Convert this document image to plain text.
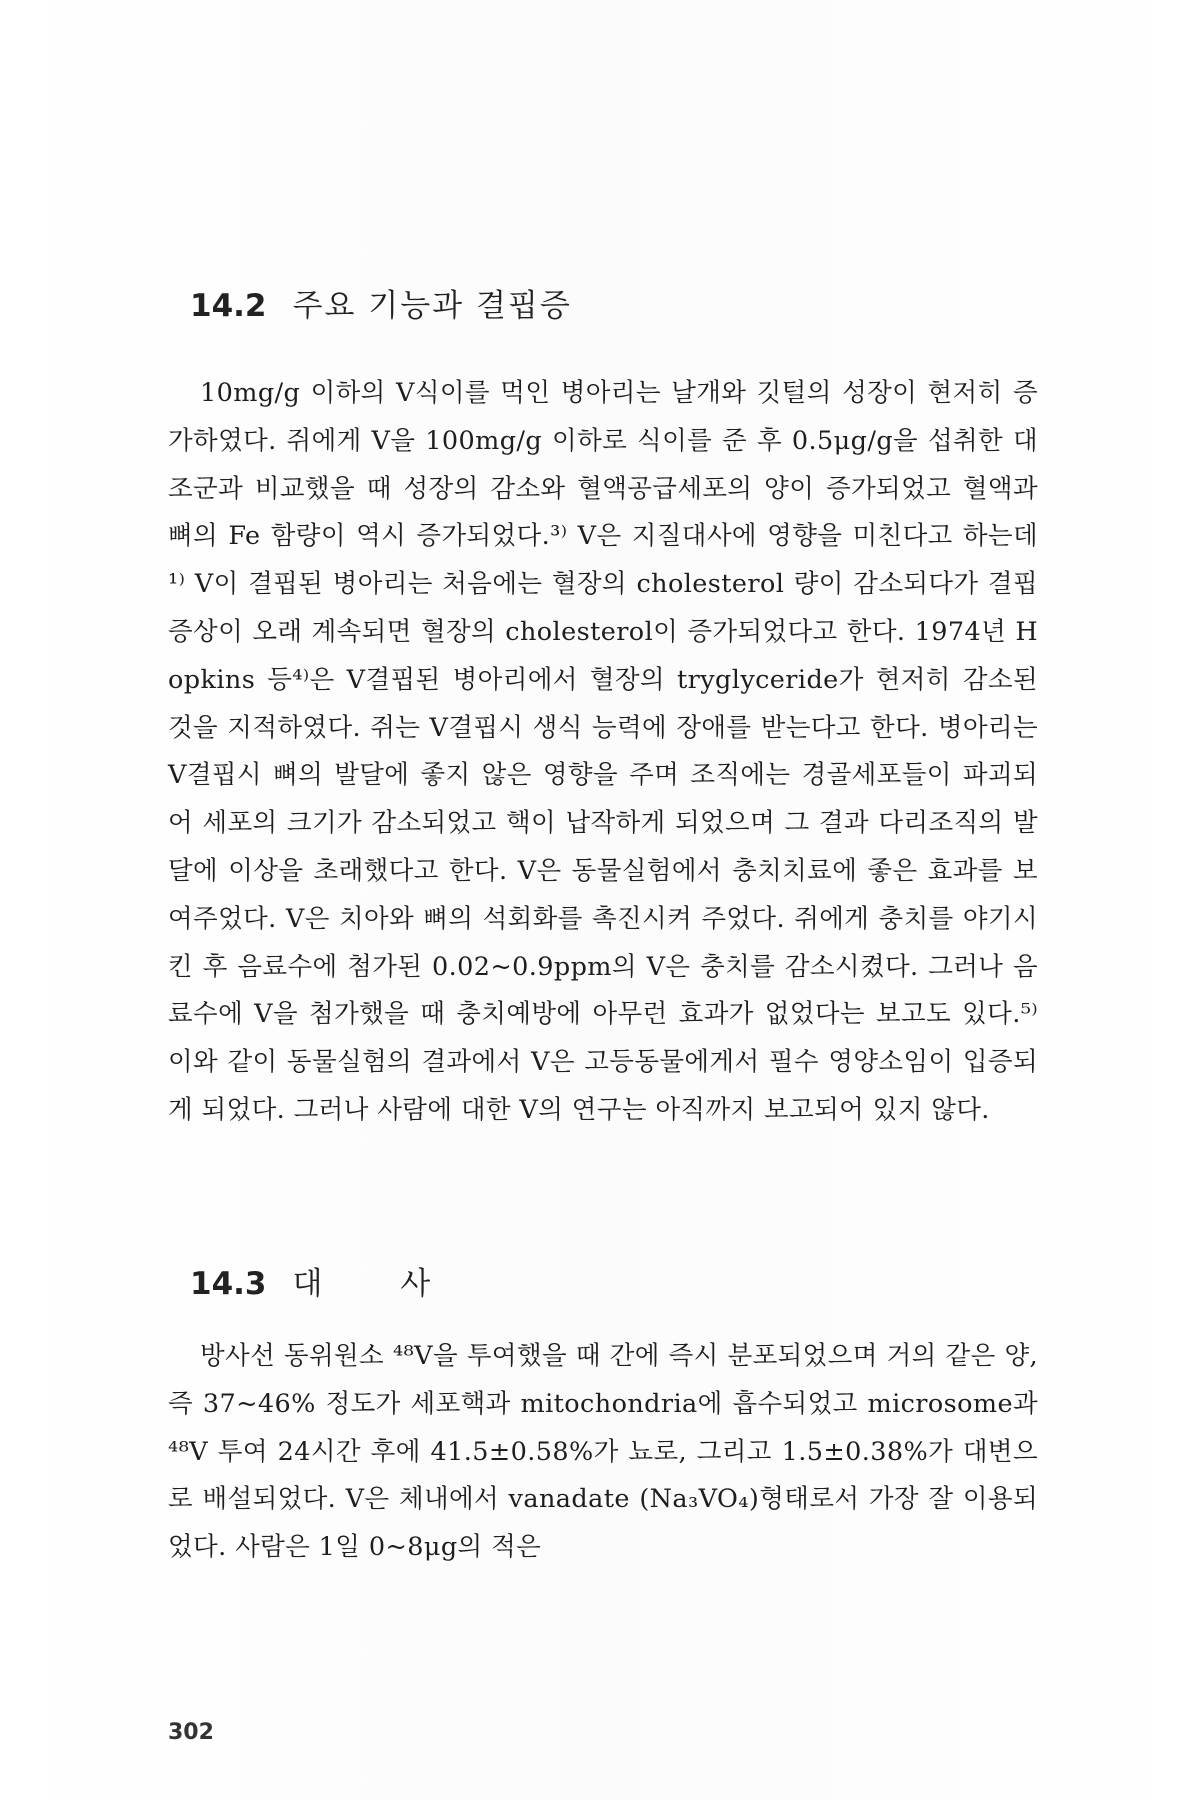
14.2 주요 기능과 결핍증

10mg/g 이하의 V식이를 먹인 병아리는 날개와 깃털의 성장이 현저히 증가하였다. 쥐에게 V을 100mg/g 이하로 식이를 준 후 0.5μg/g을 섭취한 대조군과 비교했을 때 성장의 감소와 혈액공급세포의 양이 증가되었고 혈액과 뼈의 Fe 함량이 역시 증가되었다.³⁾ V은 지질대사에 영향을 미친다고 하는데¹⁾ V이 결핍된 병아리는 처음에는 혈장의 cholesterol 량이 감소되다가 결핍증상이 오래 계속되면 혈장의 cholesterol이 증가되었다고 한다. 1974년 Hopkins 등⁴⁾은 V결핍된 병아리에서 혈장의 tryglyceride가 현저히 감소된 것을 지적하였다. 쥐는 V결핍시 생식 능력에 장애를 받는다고 한다. 병아리는 V결핍시 뼈의 발달에 좋지 않은 영향을 주며 조직에는 경골세포들이 파괴되어 세포의 크기가 감소되었고 핵이 납작하게 되었으며 그 결과 다리조직의 발달에 이상을 초래했다고 한다. V은 동물실험에서 충치치료에 좋은 효과를 보여주었다. V은 치아와 뼈의 석회화를 촉진시켜 주었다. 쥐에게 충치를 야기시킨 후 음료수에 첨가된 0.02~0.9ppm의 V은 충치를 감소시켰다. 그러나 음료수에 V을 첨가했을 때 충치예방에 아무런 효과가 없었다는 보고도 있다.⁵⁾ 이와 같이 동물실험의 결과에서 V은 고등동물에게서 필수 영양소임이 입증되게 되었다. 그러나 사람에 대한 V의 연구는 아직까지 보고되어 있지 않다.

14.3 대 사

방사선 동위원소 ⁴⁸V을 투여했을 때 간에 즉시 분포되었으며 거의 같은 양, 즉 37~46% 정도가 세포핵과 mitochondria에 흡수되었고 microsome과 ⁴⁸V 투여 24시간 후에 41.5±0.58%가 뇨로, 그리고 1.5±0.38%가 대변으로 배설되었다. V은 체내에서 vanadate (Na₃VO₄)형태로서 가장 잘 이용되었다. 사람은 1일 0~8μg의 적은

302
